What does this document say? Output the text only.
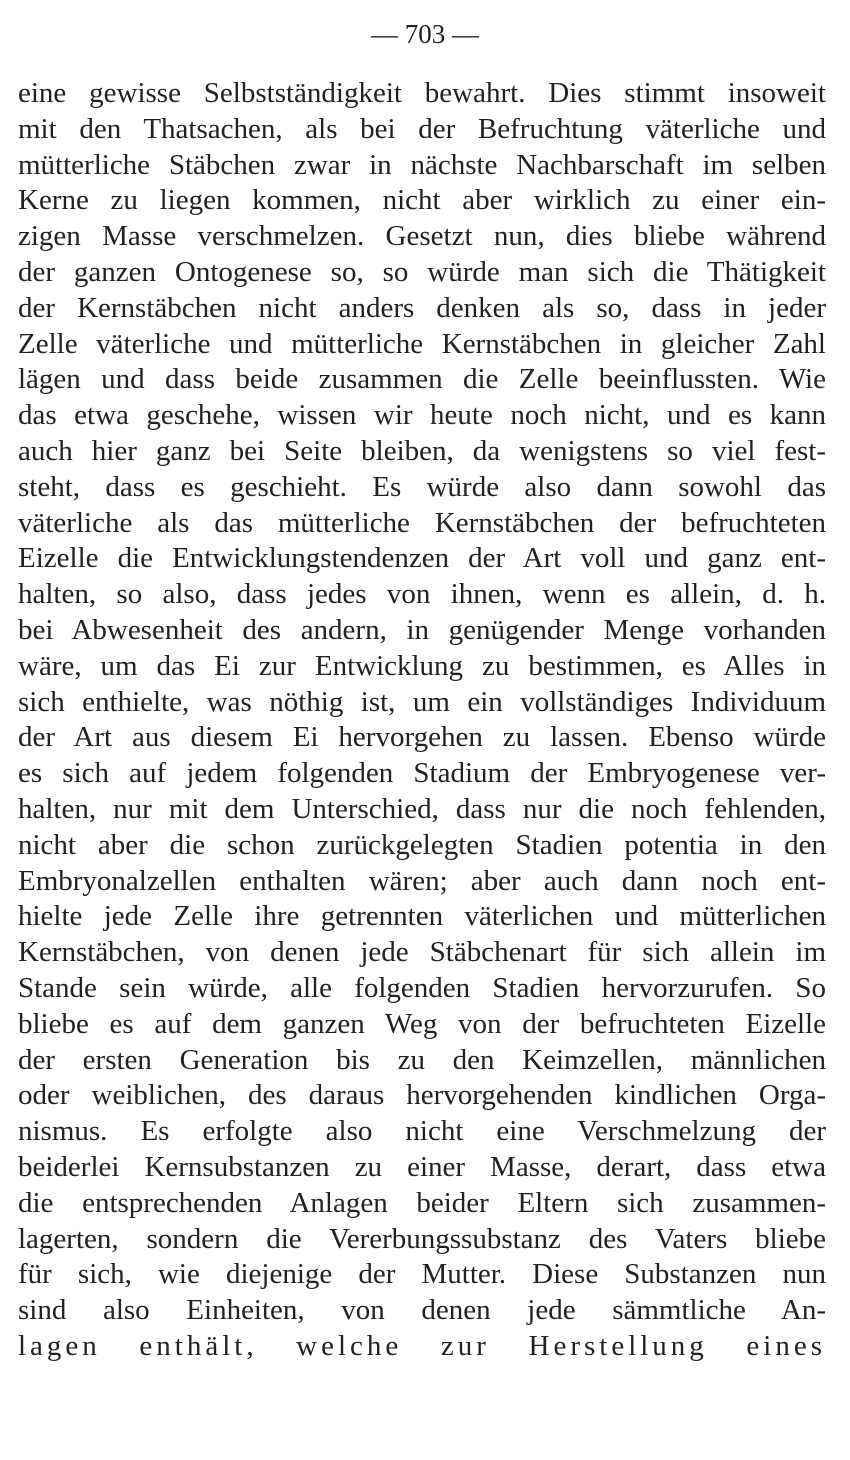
— 703 —
eine gewisse Selbstständigkeit bewahrt. Dies stimmt insoweit
mit den Thatsachen, als bei der Befruchtung väterliche und
mütterliche Stäbchen zwar in nächste Nachbarschaft im selben
Kerne zu liegen kommen, nicht aber wirklich zu einer ein-
zigen Masse verschmelzen. Gesetzt nun, dies bliebe während
der ganzen Ontogenese so, so würde man sich die Thätigkeit
der Kernstäbchen nicht anders denken als so, dass in jeder
Zelle väterliche und mütterliche Kernstäbchen in gleicher Zahl
lägen und dass beide zusammen die Zelle beeinflussten. Wie
das etwa geschehe, wissen wir heute noch nicht, und es kann
auch hier ganz bei Seite bleiben, da wenigstens so viel fest-
steht, dass es geschieht. Es würde also dann sowohl das
väterliche als das mütterliche Kernstäbchen der befruchteten
Eizelle die Entwicklungstendenzen der Art voll und ganz ent-
halten, so also, dass jedes von ihnen, wenn es allein, d. h.
bei Abwesenheit des andern, in genügender Menge vorhanden
wäre, um das Ei zur Entwicklung zu bestimmen, es Alles in
sich enthielte, was nöthig ist, um ein vollständiges Individuum
der Art aus diesem Ei hervorgehen zu lassen. Ebenso würde
es sich auf jedem folgenden Stadium der Embryogenese ver-
halten, nur mit dem Unterschied, dass nur die noch fehlenden,
nicht aber die schon zurückgelegten Stadien potentia in den
Embryonalzellen enthalten wären; aber auch dann noch ent-
hielte jede Zelle ihre getrennten väterlichen und mütterlichen
Kernstäbchen, von denen jede Stäbchenart für sich allein im
Stande sein würde, alle folgenden Stadien hervorzurufen. So
bliebe es auf dem ganzen Weg von der befruchteten Eizelle
der ersten Generation bis zu den Keimzellen, männlichen
oder weiblichen, des daraus hervorgehenden kindlichen Orga-
nismus. Es erfolgte also nicht eine Verschmelzung der
beiderlei Kernsubstanzen zu einer Masse, derart, dass etwa
die entsprechenden Anlagen beider Eltern sich zusammen-
lagerten, sondern die Vererbungssubstanz des Vaters bliebe
für sich, wie diejenige der Mutter. Diese Substanzen nun
sind also Einheiten, von denen jede sämmtliche An-
lagen enthält, welche zur Herstellung eines
